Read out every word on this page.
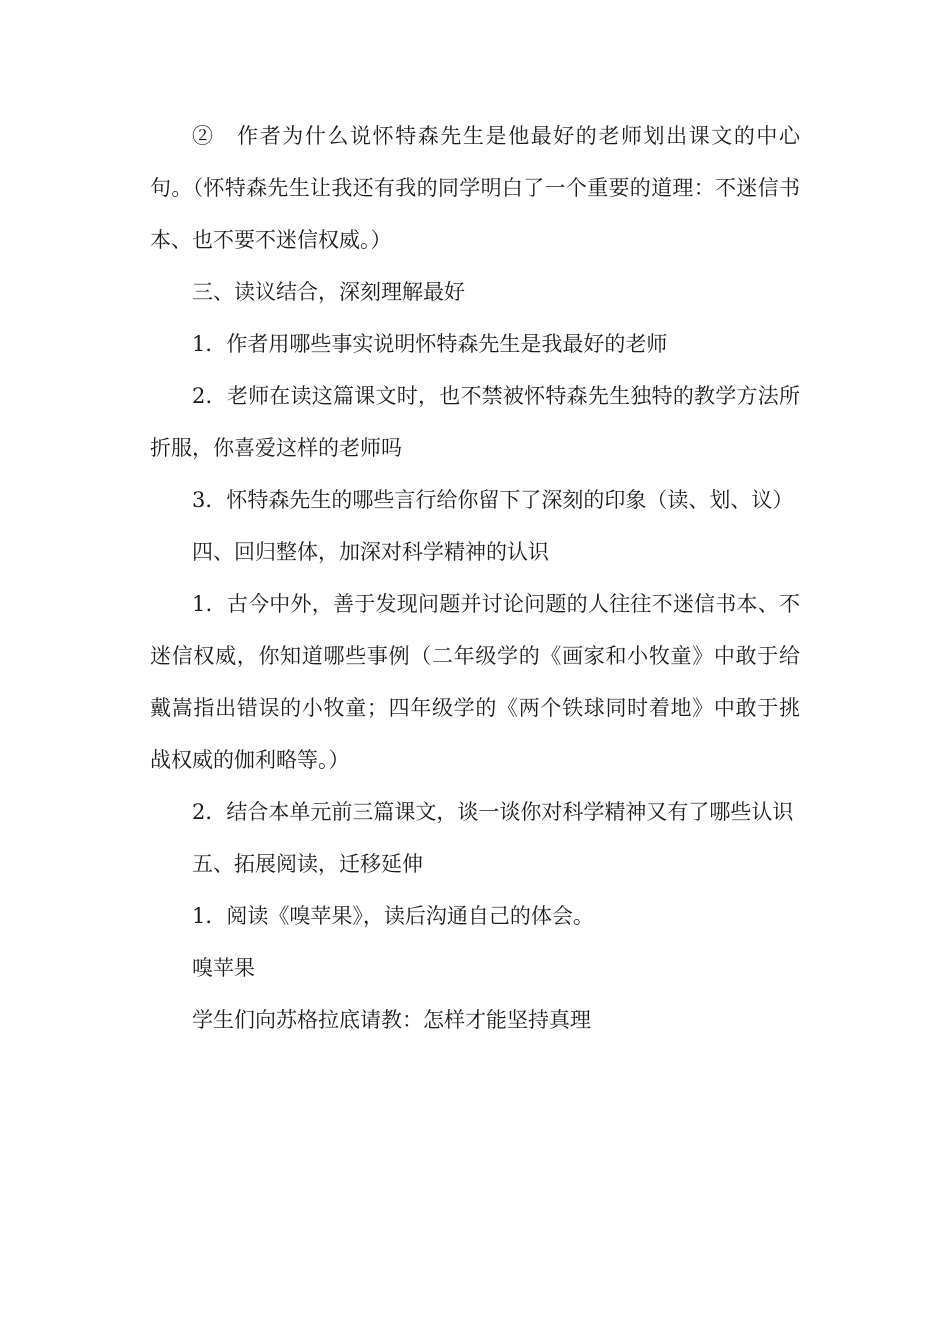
②　作者为什么说怀特森先生是他最好的老师划出课文的中心句。（怀特森先生让我还有我的同学明白了一个重要的道理：不迷信书本、也不要不迷信权威。）

三、读议结合，深刻理解最好

1．作者用哪些事实说明怀特森先生是我最好的老师

2．老师在读这篇课文时，也不禁被怀特森先生独特的教学方法所折服，你喜爱这样的老师吗

3．怀特森先生的哪些言行给你留下了深刻的印象（读、划、议）

四、回归整体，加深对科学精神的认识

1．古今中外，善于发现问题并讨论问题的人往往不迷信书本、不迷信权威，你知道哪些事例（二年级学的《画家和小牧童》中敢于给戴嵩指出错误的小牧童；四年级学的《两个铁球同时着地》中敢于挑战权威的伽利略等。）

2．结合本单元前三篇课文，谈一谈你对科学精神又有了哪些认识

五、拓展阅读，迁移延伸

1．阅读《嗅苹果》，读后沟通自己的体会。

嗅苹果

学生们向苏格拉底请教：怎样才能坚持真理
